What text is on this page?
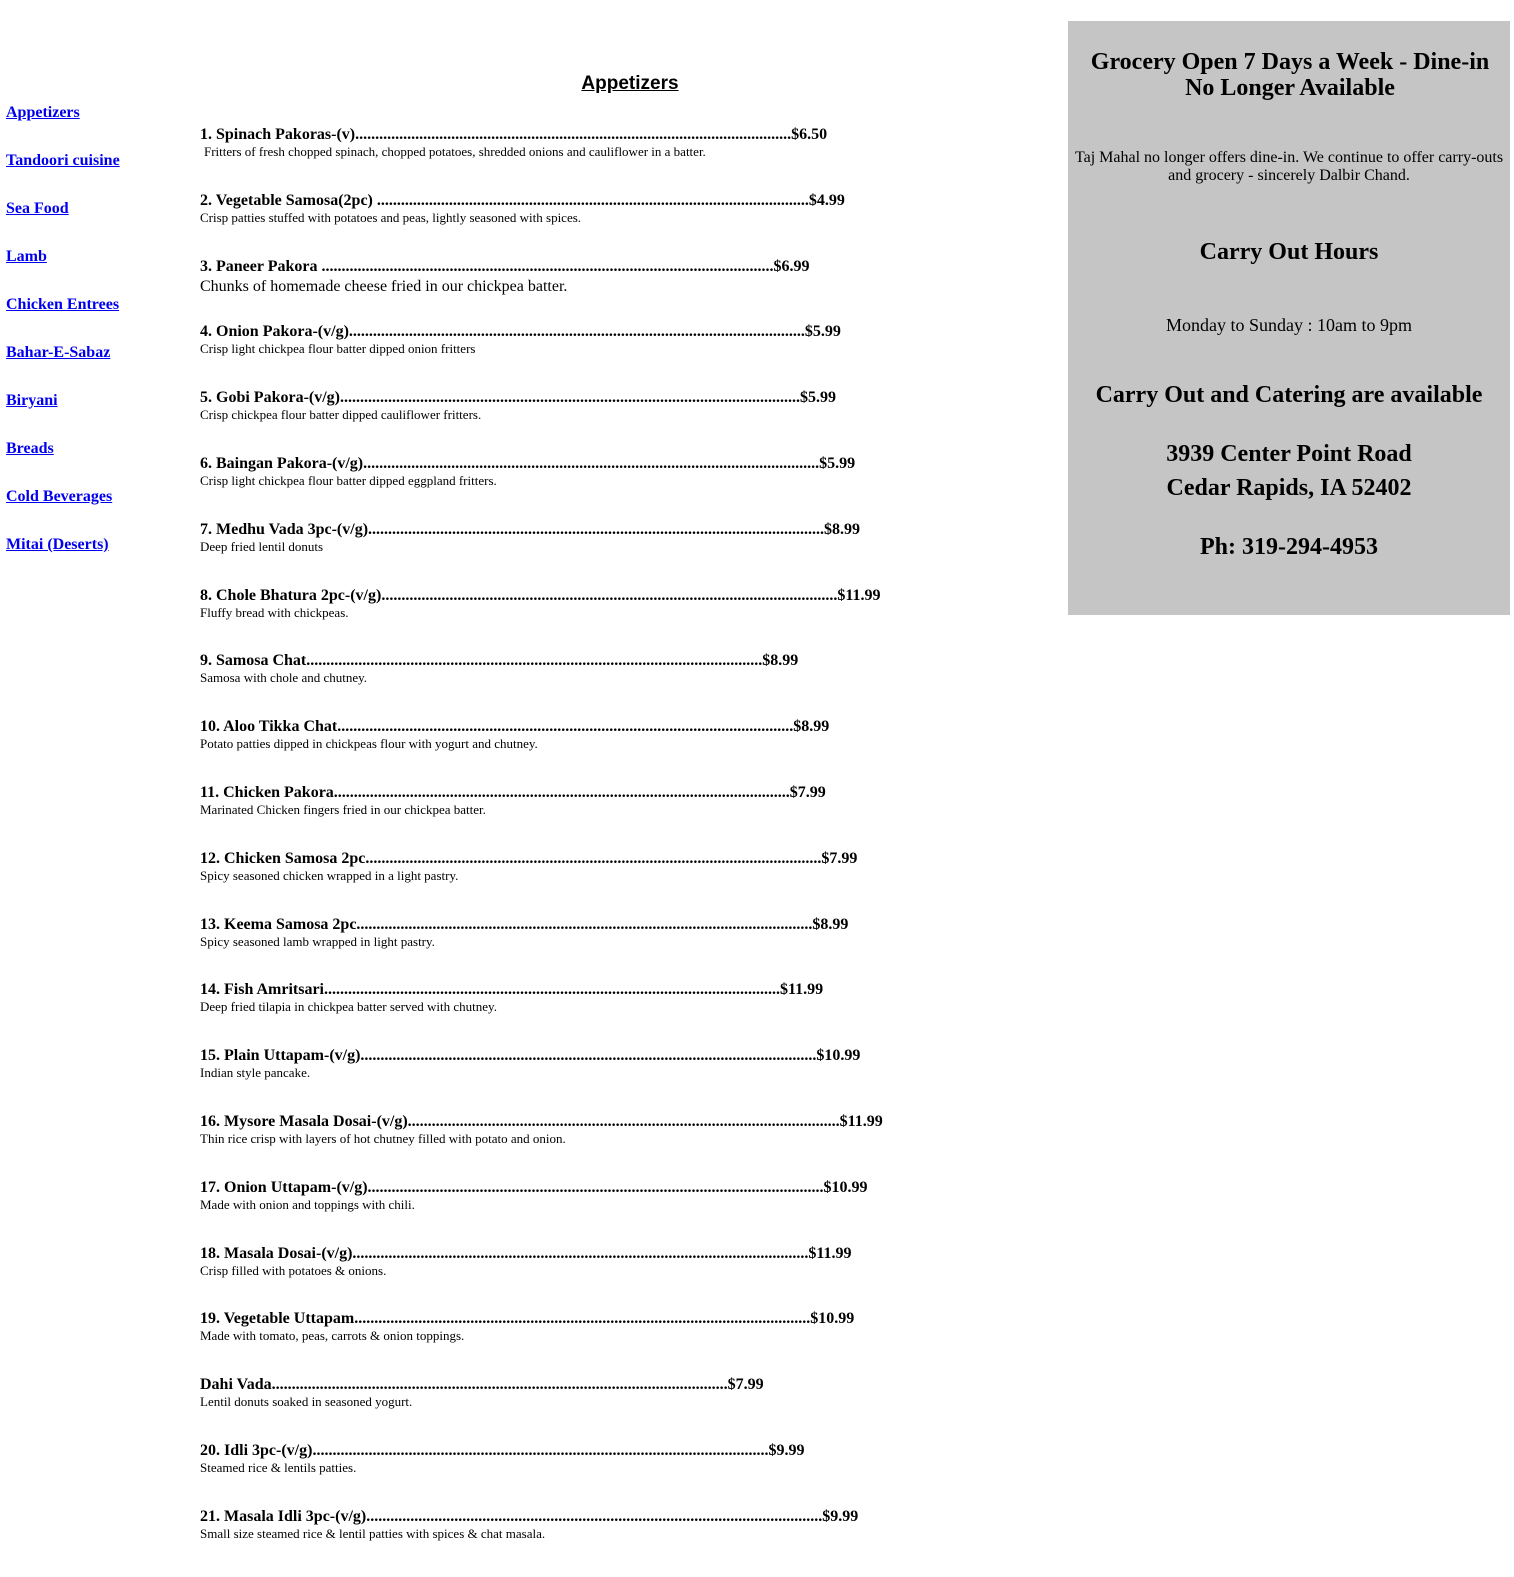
Appetizers
Tandoori cuisine
Sea Food
Lamb
Chicken Entrees
Bahar-E-Sabaz
Biryani
Breads
Cold Beverages
Mitai (Deserts)
Appetizers
1. Spinach Pakoras-(v).............................................................................................................$6.50
Fritters of fresh chopped spinach, chopped potatoes, shredded onions and cauliflower in a batter.
2. Vegetable Samosa(2pc) ............................................................................................................$4.99
Crisp patties stuffed with potatoes and peas, lightly seasoned with spices.
3. Paneer Pakora .................................................................................................................$6.99
Chunks of homemade cheese fried in our chickpea batter.
4. Onion Pakora-(v/g)..................................................................................................................$5.99
Crisp light chickpea flour batter dipped onion fritters
5. Gobi Pakora-(v/g)...................................................................................................................$5.99
Crisp chickpea flour batter dipped cauliflower fritters.
6. Baingan Pakora-(v/g)..................................................................................................................$5.99
Crisp light chickpea flour batter dipped eggpland fritters.
7. Medhu Vada 3pc-(v/g)..................................................................................................................$8.99
Deep fried lentil donuts
8. Chole Bhatura 2pc-(v/g)..................................................................................................................$11.99
Fluffy bread with chickpeas.
9. Samosa Chat..................................................................................................................$8.99
Samosa with chole and chutney.
10. Aloo Tikka Chat..................................................................................................................$8.99
Potato patties dipped in chickpeas flour with yogurt and chutney.
11. Chicken Pakora..................................................................................................................$7.99
Marinated Chicken fingers fried in our chickpea batter.
12. Chicken Samosa 2pc..................................................................................................................$7.99
Spicy seasoned chicken wrapped in a light pastry.
13. Keema Samosa 2pc..................................................................................................................$8.99
Spicy seasoned lamb wrapped in light pastry.
14. Fish Amritsari..................................................................................................................$11.99
Deep fried tilapia in chickpea batter served with chutney.
15. Plain Uttapam-(v/g)..................................................................................................................$10.99
Indian style pancake.
16. Mysore Masala Dosai-(v/g)............................................................................................................$11.99
Thin rice crisp with layers of hot chutney filled with potato and onion.
17. Onion Uttapam-(v/g)..................................................................................................................$10.99
Made with onion and toppings with chili.
18. Masala Dosai-(v/g)..................................................................................................................$11.99
Crisp filled with potatoes & onions.
19. Vegetable Uttapam..................................................................................................................$10.99
Made with tomato, peas, carrots & onion toppings.
Dahi Vada..................................................................................................................$7.99
Lentil donuts soaked in seasoned yogurt.
20. Idli 3pc-(v/g)..................................................................................................................$9.99
Steamed rice & lentils patties.
21. Masala Idli 3pc-(v/g)..................................................................................................................$9.99
Small size steamed rice & lentil patties with spices & chat masala.
Grocery Open 7 Days a Week - Dine-in No Longer Available
Taj Mahal no longer offers dine-in. We continue to offer carry-outs and grocery - sincerely Dalbir Chand.
Carry Out Hours
Monday to Sunday : 10am to 9pm
Carry Out and Catering are available
3939 Center Point Road
Cedar Rapids, IA 52402
Ph: 319-294-4953
